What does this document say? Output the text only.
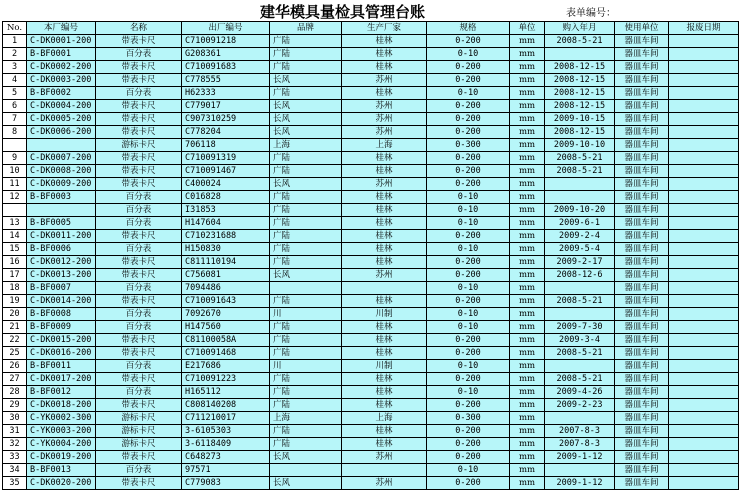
建华模具量检具管理台账	表单编号：
No.	本厂编号	名称	出厂编号	品牌	生产厂家	规格	单位	购入年月	使用单位	报废日期
1	C-DK0001-200	带表卡尺	C710091218	广陆	桂林	0-200	mm	2008-5-21	器皿车间	
2	B-BF0001	百分表	G208361	广陆	桂林	0-10	mm		器皿车间	
3	C-DK0002-200	带表卡尺	C710091683	广陆	桂林	0-200	mm	2008-12-15	器皿车间	
4	C-DK0003-200	带表卡尺	C778555	长风	苏州	0-200	mm	2008-12-15	器皿车间	
5	B-BF0002	百分表	H62333	广陆	桂林	0-10	mm	2008-12-15	器皿车间	
6	C-DK0004-200	带表卡尺	C779017	长风	苏州	0-200	mm	2008-12-15	器皿车间	
7	C-DK0005-200	带表卡尺	C907310259	长风	苏州	0-200	mm	2009-10-15	器皿车间	
8	C-DK0006-200	带表卡尺	C778204	长风	苏州	0-200	mm	2008-12-15	器皿车间	
		游标卡尺	706118	上海	上海	0-300	mm	2009-10-10	器皿车间	
9	C-DK0007-200	带表卡尺	C710091319	广陆	桂林	0-200	mm	2008-5-21	器皿车间	
10	C-DK0008-200	带表卡尺	C710091467	广陆	桂林	0-200	mm	2008-5-21	器皿车间	
11	C-DK0009-200	带表卡尺	C400024	长风	苏州	0-200	mm		器皿车间	
12	B-BF0003	百分表	C016828	广陆	桂林	0-10	mm		器皿车间	
		百分表	I31853	广陆	桂林	0-10	mm	2009-10-20	器皿车间	
13	B-BF0005	百分表	H147604	广陆	桂林	0-10	mm	2009-6-1	器皿车间	
14	C-DK0011-200	带表卡尺	C710231688	广陆	桂林	0-200	mm	2009-2-4	器皿车间	
15	B-BF0006	百分表	H150830	广陆	桂林	0-10	mm	2009-5-4	器皿车间	
16	C-DK0012-200	带表卡尺	C811110194	广陆	桂林	0-200	mm	2009-2-17	器皿车间	
17	C-DK0013-200	带表卡尺	C756081	长风	苏州	0-200	mm	2008-12-6	器皿车间	
18	B-BF0007	百分表	7094486			0-10	mm		器皿车间	
19	C-DK0014-200	带表卡尺	C710091643	广陆	桂林	0-200	mm	2008-5-21	器皿车间	
20	B-BF0008	百分表	7092670	川	川制	0-10	mm		器皿车间	
21	B-BF0009	百分表	H147560	广陆	桂林	0-10	mm	2009-7-30	器皿车间	
22	C-DK0015-200	带表卡尺	C81100058A	广陆	桂林	0-200	mm	2009-3-4	器皿车间	
25	C-DK0016-200	带表卡尺	C710091468	广陆	桂林	0-200	mm	2008-5-21	器皿车间	
26	B-BF0011	百分表	E217686	川	川制	0-10	mm		器皿车间	
27	C-DK0017-200	带表卡尺	C710091223	广陆	桂林	0-200	mm	2008-5-21	器皿车间	
28	B-BF0012	百分表	H165112	广陆	桂林	0-10	mm	2009-4-26	器皿车间	
29	C-DK0018-200	带表卡尺	C808140208	广陆	桂林	0-200	mm	2009-2-23	器皿车间	
30	C-YK0002-300	游标卡尺	C711210017	上海	上海	0-300	mm		器皿车间	
31	C-YK0003-200	游标卡尺	3-6105303	广陆	桂林	0-200	mm	2007-8-3	器皿车间	
32	C-YK0004-200	游标卡尺	3-6118409	广陆	桂林	0-200	mm	2007-8-3	器皿车间	
33	C-DK0019-200	带表卡尺	C648273	长风	苏州	0-200	mm	2009-1-12	器皿车间	
34	B-BF0013	百分表	97571			0-10	mm		器皿车间	
35	C-DK0020-200	带表卡尺	C779083	长风	苏州	0-200	mm	2009-1-12	器皿车间	
